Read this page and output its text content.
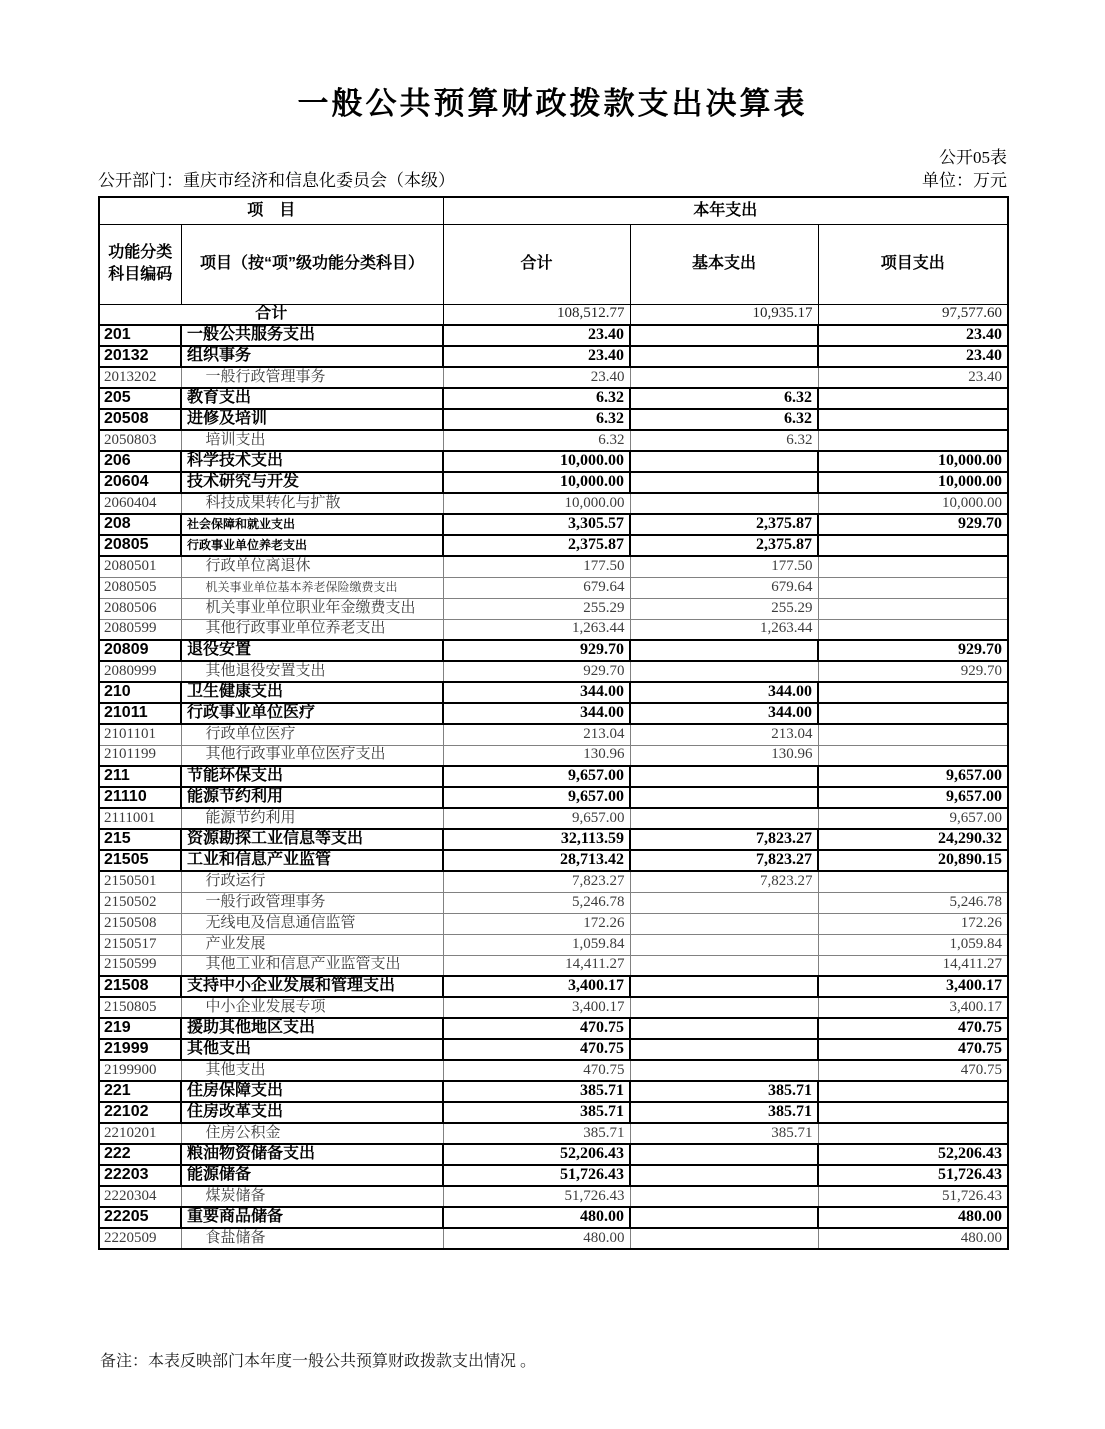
一般公共预算财政拨款支出决算表
公开05表
公开部门：重庆市经济和信息化委员会（本级）	单位：万元
项　目		本年支出		
功能分类科目编码	项目（按“项”级功能分类科目）	合计	基本支出	项目支出
合计		108,512.77	10,935.17	97,577.60
201	一般公共服务支出	23.40		23.40
20132	组织事务	23.40		23.40
2013202	一般行政管理事务	23.40		23.40
205	教育支出	6.32	6.32	
20508	进修及培训	6.32	6.32	
2050803	培训支出	6.32	6.32	
206	科学技术支出	10,000.00		10,000.00
20604	技术研究与开发	10,000.00		10,000.00
2060404	科技成果转化与扩散	10,000.00		10,000.00
208	社会保障和就业支出	3,305.57	2,375.87	929.70
20805	行政事业单位养老支出	2,375.87	2,375.87	
2080501	行政单位离退休	177.50	177.50	
2080505	机关事业单位基本养老保险缴费支出	679.64	679.64	
2080506	机关事业单位职业年金缴费支出	255.29	255.29	
2080599	其他行政事业单位养老支出	1,263.44	1,263.44	
20809	退役安置	929.70		929.70
2080999	其他退役安置支出	929.70		929.70
210	卫生健康支出	344.00	344.00	
21011	行政事业单位医疗	344.00	344.00	
2101101	行政单位医疗	213.04	213.04	
2101199	其他行政事业单位医疗支出	130.96	130.96	
211	节能环保支出	9,657.00		9,657.00
21110	能源节约利用	9,657.00		9,657.00
2111001	能源节约利用	9,657.00		9,657.00
215	资源勘探工业信息等支出	32,113.59	7,823.27	24,290.32
21505	工业和信息产业监管	28,713.42	7,823.27	20,890.15
2150501	行政运行	7,823.27	7,823.27	
2150502	一般行政管理事务	5,246.78		5,246.78
2150508	无线电及信息通信监管	172.26		172.26
2150517	产业发展	1,059.84		1,059.84
2150599	其他工业和信息产业监管支出	14,411.27		14,411.27
21508	支持中小企业发展和管理支出	3,400.17		3,400.17
2150805	中小企业发展专项	3,400.17		3,400.17
219	援助其他地区支出	470.75		470.75
21999	其他支出	470.75		470.75
2199900	其他支出	470.75		470.75
221	住房保障支出	385.71	385.71	
22102	住房改革支出	385.71	385.71	
2210201	住房公积金	385.71	385.71	
222	粮油物资储备支出	52,206.43		52,206.43
22203	能源储备	51,726.43		51,726.43
2220304	煤炭储备	51,726.43		51,726.43
22205	重要商品储备	480.00		480.00
2220509	食盐储备	480.00		480.00
备注：本表反映部门本年度一般公共预算财政拨款支出情况 。
